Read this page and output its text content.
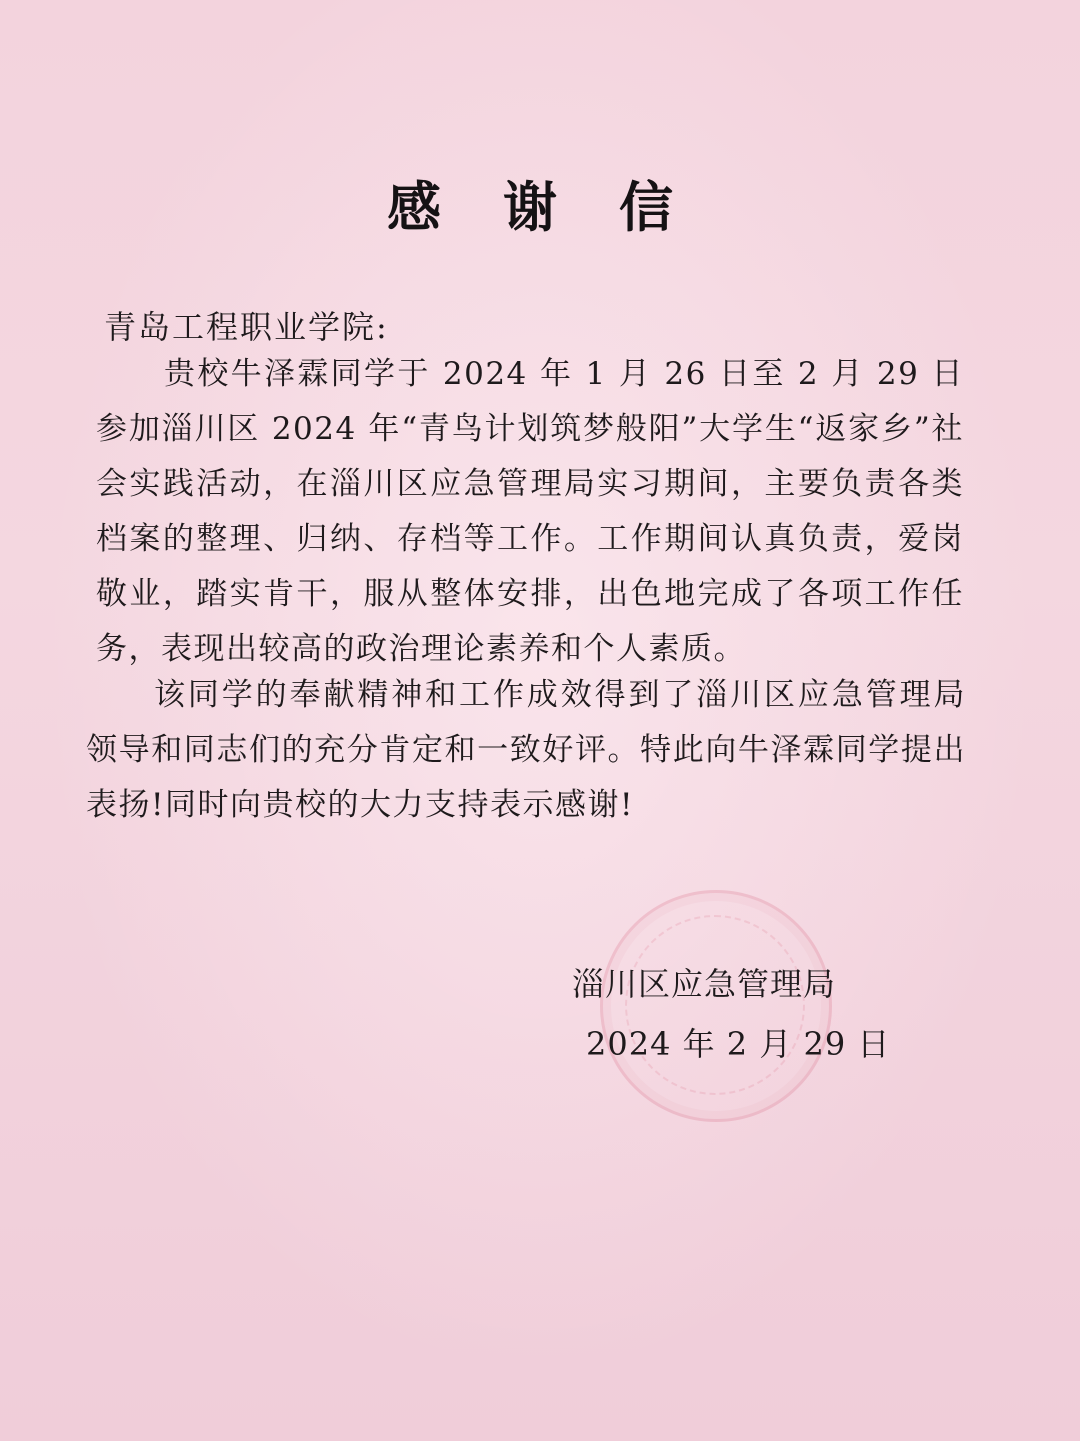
感谢信
青岛工程职业学院:
贵校牛泽霖同学于 2024 年 1 月 26 日至 2 月 29 日参加淄川区 2024 年“青鸟计划筑梦般阳”大学生“返家乡”社会实践活动，在淄川区应急管理局实习期间，主要负责各类档案的整理、归纳、存档等工作。工作期间认真负责，爱岗敬业，踏实肯干，服从整体安排，出色地完成了各项工作任务，表现出较高的政治理论素养和个人素质。
该同学的奉献精神和工作成效得到了淄川区应急管理局领导和同志们的充分肯定和一致好评。特此向牛泽霖同学提出表扬!同时向贵校的大力支持表示感谢!
淄川区应急管理局
2024 年 2 月 29 日
